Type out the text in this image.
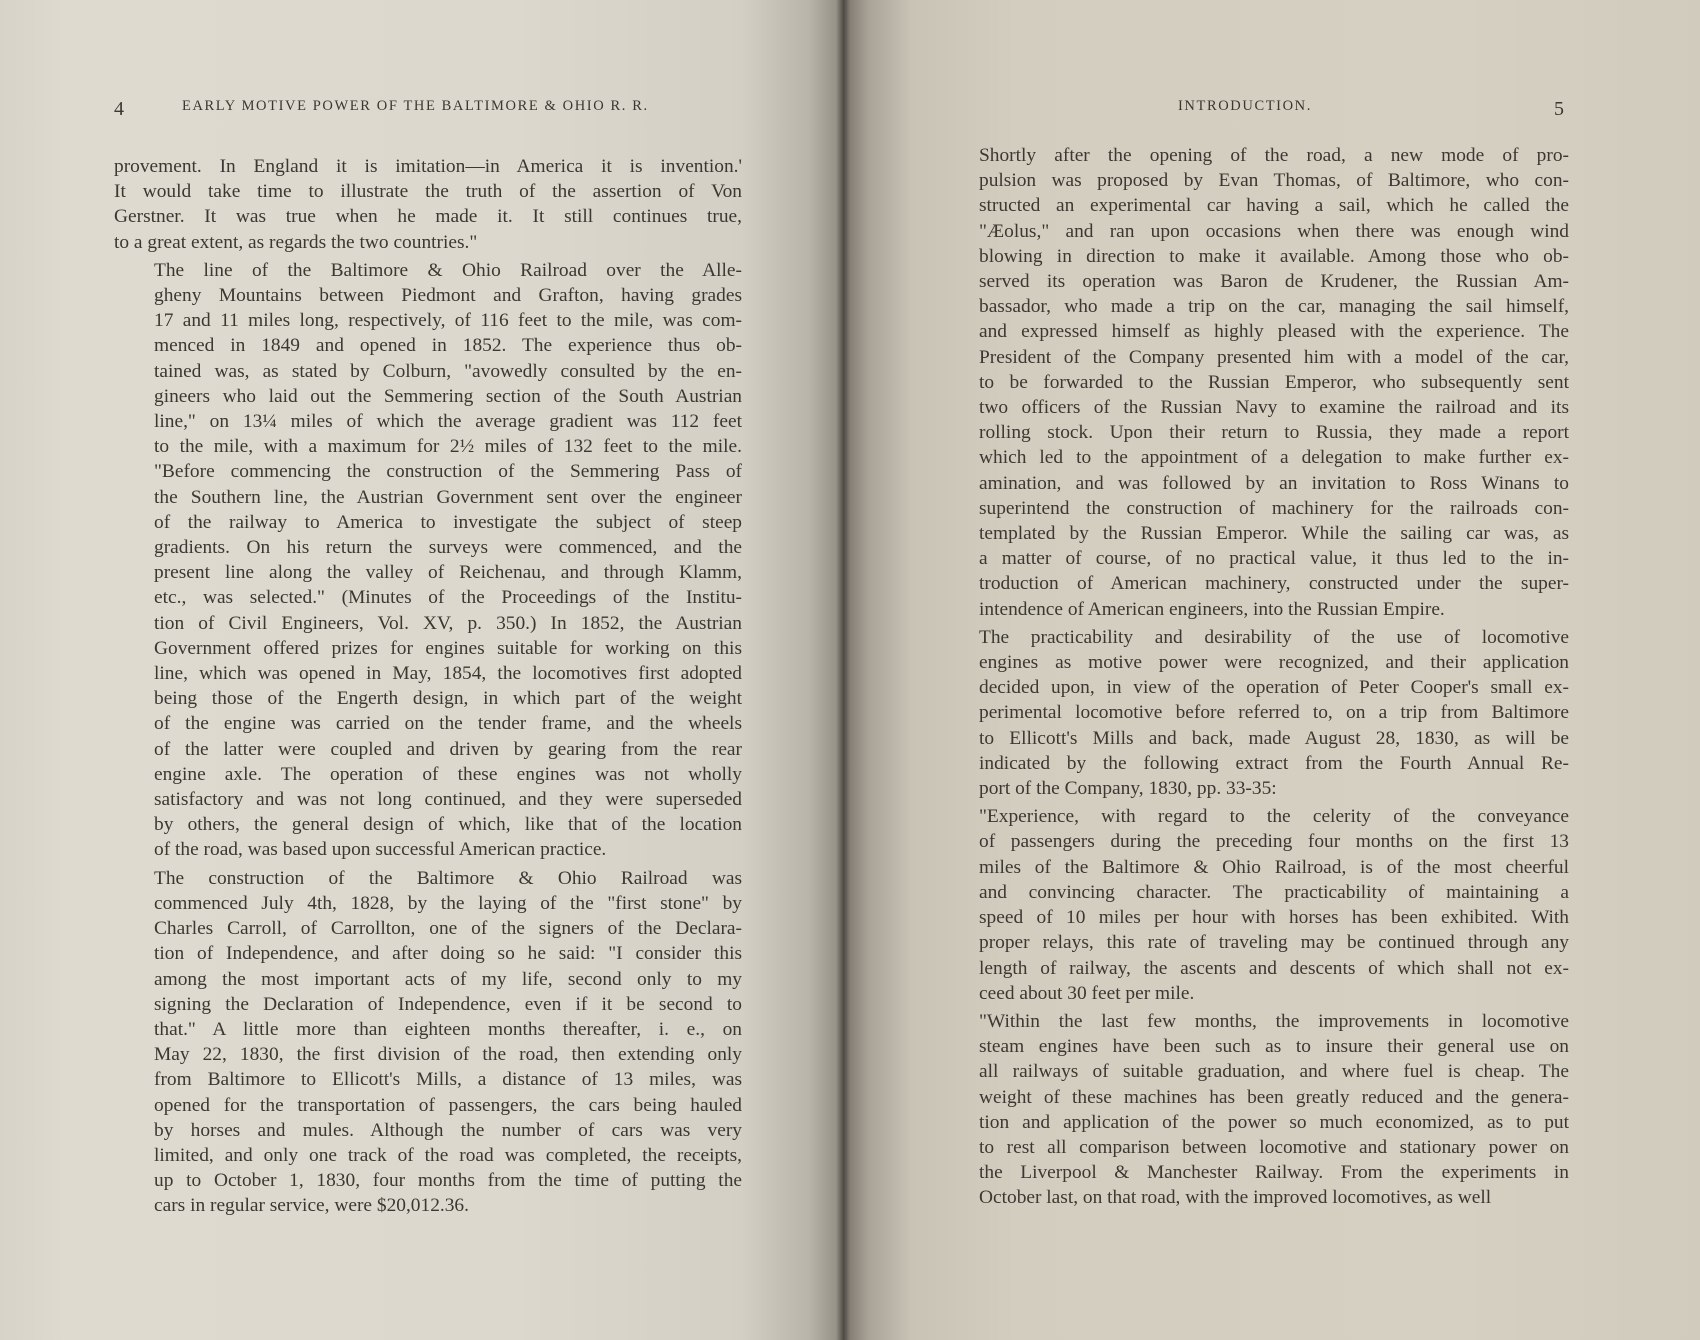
4	EARLY MOTIVE POWER OF THE BALTIMORE & OHIO R. R.

provement. In England it is imitation—in America it is invention.'
It would take time to illustrate the truth of the assertion of Von
Gerstner. It was true when he made it. It still continues true,
to a great extent, as regards the two countries."

The line of the Baltimore & Ohio Railroad over the Alle-
gheny Mountains between Piedmont and Grafton, having grades
17 and 11 miles long, respectively, of 116 feet to the mile, was com-
menced in 1849 and opened in 1852. The experience thus ob-
tained was, as stated by Colburn, "avowedly consulted by the en-
gineers who laid out the Semmering section of the South Austrian
line," on 13¼ miles of which the average gradient was 112 feet
to the mile, with a maximum for 2½ miles of 132 feet to the mile.
"Before commencing the construction of the Semmering Pass of
the Southern line, the Austrian Government sent over the engineer
of the railway to America to investigate the subject of steep
gradients. On his return the surveys were commenced, and the
present line along the valley of Reichenau, and through Klamm,
etc., was selected." (Minutes of the Proceedings of the Institu-
tion of Civil Engineers, Vol. XV, p. 350.) In 1852, the Austrian
Government offered prizes for engines suitable for working on this
line, which was opened in May, 1854, the locomotives first adopted
being those of the Engerth design, in which part of the weight
of the engine was carried on the tender frame, and the wheels
of the latter were coupled and driven by gearing from the rear
engine axle. The operation of these engines was not wholly
satisfactory and was not long continued, and they were superseded
by others, the general design of which, like that of the location
of the road, was based upon successful American practice.

The construction of the Baltimore & Ohio Railroad was
commenced July 4th, 1828, by the laying of the "first stone" by
Charles Carroll, of Carrollton, one of the signers of the Declara-
tion of Independence, and after doing so he said: "I consider this
among the most important acts of my life, second only to my
signing the Declaration of Independence, even if it be second to
that." A little more than eighteen months thereafter, i. e., on
May 22, 1830, the first division of the road, then extending only
from Baltimore to Ellicott's Mills, a distance of 13 miles, was
opened for the transportation of passengers, the cars being hauled
by horses and mules. Although the number of cars was very
limited, and only one track of the road was completed, the receipts,
up to October 1, 1830, four months from the time of putting the
cars in regular service, were $20,012.36.

INTRODUCTION.	5

Shortly after the opening of the road, a new mode of pro-
pulsion was proposed by Evan Thomas, of Baltimore, who con-
structed an experimental car having a sail, which he called the
"Æolus," and ran upon occasions when there was enough wind
blowing in direction to make it available. Among those who ob-
served its operation was Baron de Krudener, the Russian Am-
bassador, who made a trip on the car, managing the sail himself,
and expressed himself as highly pleased with the experience. The
President of the Company presented him with a model of the car,
to be forwarded to the Russian Emperor, who subsequently sent
two officers of the Russian Navy to examine the railroad and its
rolling stock. Upon their return to Russia, they made a report
which led to the appointment of a delegation to make further ex-
amination, and was followed by an invitation to Ross Winans to
superintend the construction of machinery for the railroads con-
templated by the Russian Emperor. While the sailing car was, as
a matter of course, of no practical value, it thus led to the in-
troduction of American machinery, constructed under the super-
intendence of American engineers, into the Russian Empire.

The practicability and desirability of the use of locomotive
engines as motive power were recognized, and their application
decided upon, in view of the operation of Peter Cooper's small ex-
perimental locomotive before referred to, on a trip from Baltimore
to Ellicott's Mills and back, made August 28, 1830, as will be
indicated by the following extract from the Fourth Annual Re-
port of the Company, 1830, pp. 33-35:

"Experience, with regard to the celerity of the conveyance
of passengers during the preceding four months on the first 13
miles of the Baltimore & Ohio Railroad, is of the most cheerful
and convincing character. The practicability of maintaining a
speed of 10 miles per hour with horses has been exhibited. With
proper relays, this rate of traveling may be continued through any
length of railway, the ascents and descents of which shall not ex-
ceed about 30 feet per mile.

"Within the last few months, the improvements in locomotive
steam engines have been such as to insure their general use on
all railways of suitable graduation, and where fuel is cheap. The
weight of these machines has been greatly reduced and the genera-
tion and application of the power so much economized, as to put
to rest all comparison between locomotive and stationary power on
the Liverpool & Manchester Railway. From the experiments in
October last, on that road, with the improved locomotives, as well
